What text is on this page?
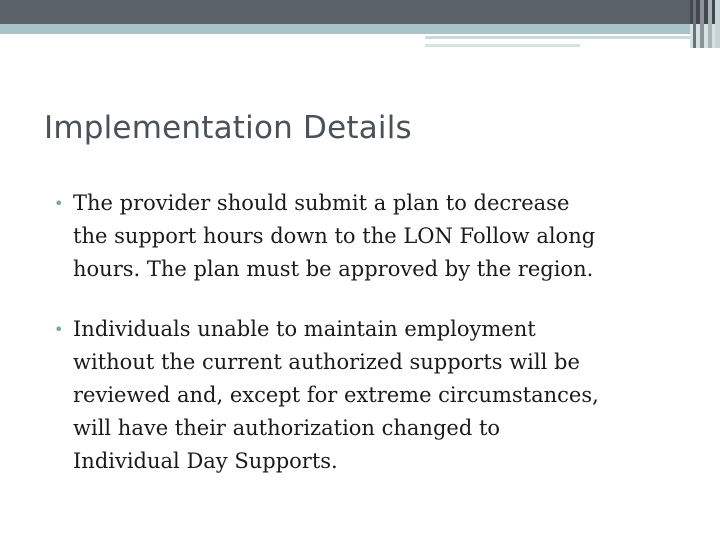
Implementation Details
• The provider should submit a plan to decrease
the support hours down to the LON Follow along
hours. The plan must be approved by the region.
• Individuals unable to maintain employment
without the current authorized supports will be
reviewed and, except for extreme circumstances,
will have their authorization changed to
Individual Day Supports.
